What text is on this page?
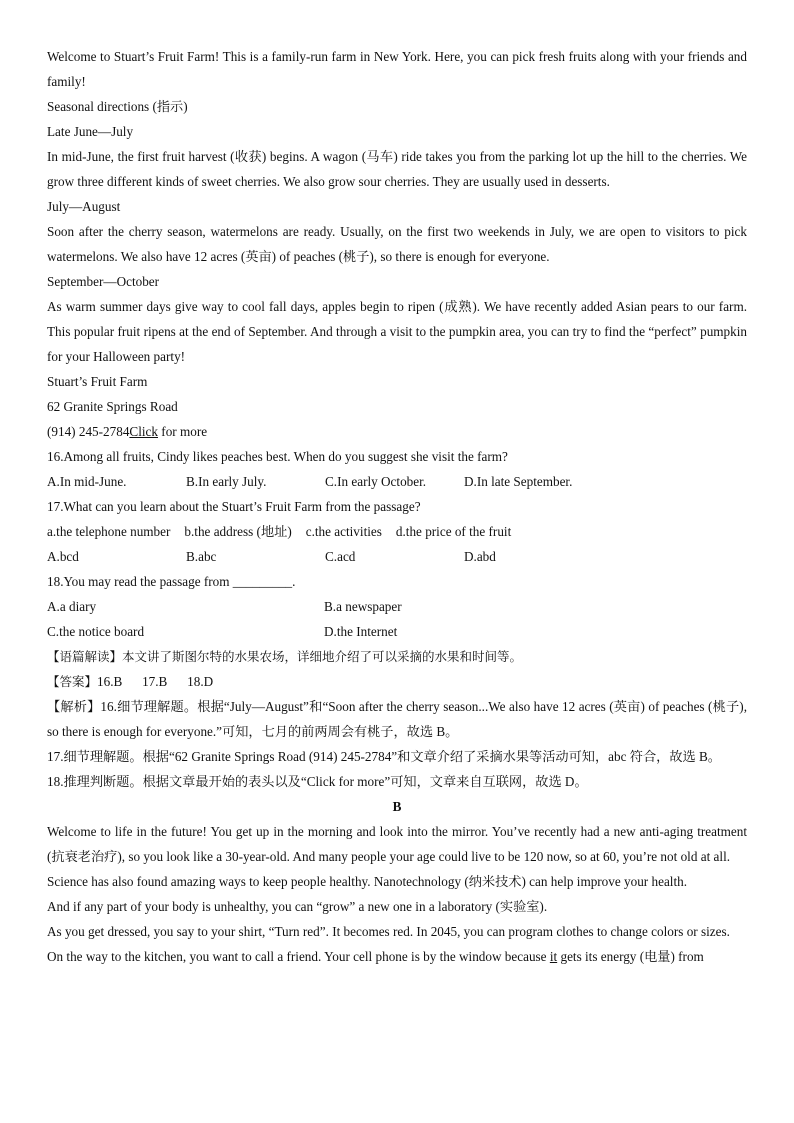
Welcome to Stuart’s Fruit Farm! This is a family-run farm in New York. Here, you can pick fresh fruits along with your friends and family!

Seasonal directions (指示)

Late June—July

In mid-June, the first fruit harvest (收获) begins. A wagon (马车) ride takes you from the parking lot up the hill to the cherries. We grow three different kinds of sweet cherries. We also grow sour cherries. They are usually used in desserts.

July—August

Soon after the cherry season, watermelons are ready. Usually, on the first two weekends in July, we are open to visitors to pick watermelons. We also have 12 acres (英亩) of peaches (桃子), so there is enough for everyone.

September—October

As warm summer days give way to cool fall days, apples begin to ripen (成熟). We have recently added Asian pears to our farm. This popular fruit ripens at the end of September. And through a visit to the pumpkin area, you can try to find the “perfect” pumpkin for your Halloween party!

Stuart’s Fruit Farm

62 Granite Springs Road

(914) 245-2784Click for more

16.Among all fruits, Cindy likes peaches best. When do you suggest she visit the farm?

A.In mid-June.	B.In early July.	C.In early October.	D.In late September.

17.What can you learn about the Stuart’s Fruit Farm from the passage?

a.the telephone number b.the address (地址) c.the activities d.the price of the fruit
A.bcd	B.abc	C.acd	D.abd

18.You may read the passage from _________.

A.a diary	B.a newspaper
C.the notice board	D.the Internet

【语篇解读】本文讲了斯图尔特的水果农场，详细地介绍了可以采摘的水果和时间等。

【答案】16.B      17.B      18.D

【解析】16.细节理解题。根据“July—August”和“Soon after the cherry season...We also have 12 acres (英亩) of peaches (桃子), so there is enough for everyone.”可知，七月的前两周会有桃子，故选 B。

17.细节理解题。根据“62 Granite Springs Road (914) 245-2784”和文章介绍了采摘水果等活动可知，abc 符合，故选 B。

18.推理判断题。根据文章最开始的表头以及“Click for more”可知，文章来自互联网，故选 D。

B

Welcome to life in the future! You get up in the morning and look into the mirror. You’ve recently had a new anti-aging treatment (抗衰老治疗), so you look like a 30-year-old. And many people your age could live to be 120 now, so at 60, you’re not old at all.

Science has also found amazing ways to keep people healthy. Nanotechnology (纳米技术) can help improve your health.

And if any part of your body is unhealthy, you can “grow” a new one in a laboratory (实验室).

As you get dressed, you say to your shirt, “Turn red”. It becomes red. In 2045, you can program clothes to change colors or sizes.

On the way to the kitchen, you want to call a friend. Your cell phone is by the window because it gets its energy (电量) from
